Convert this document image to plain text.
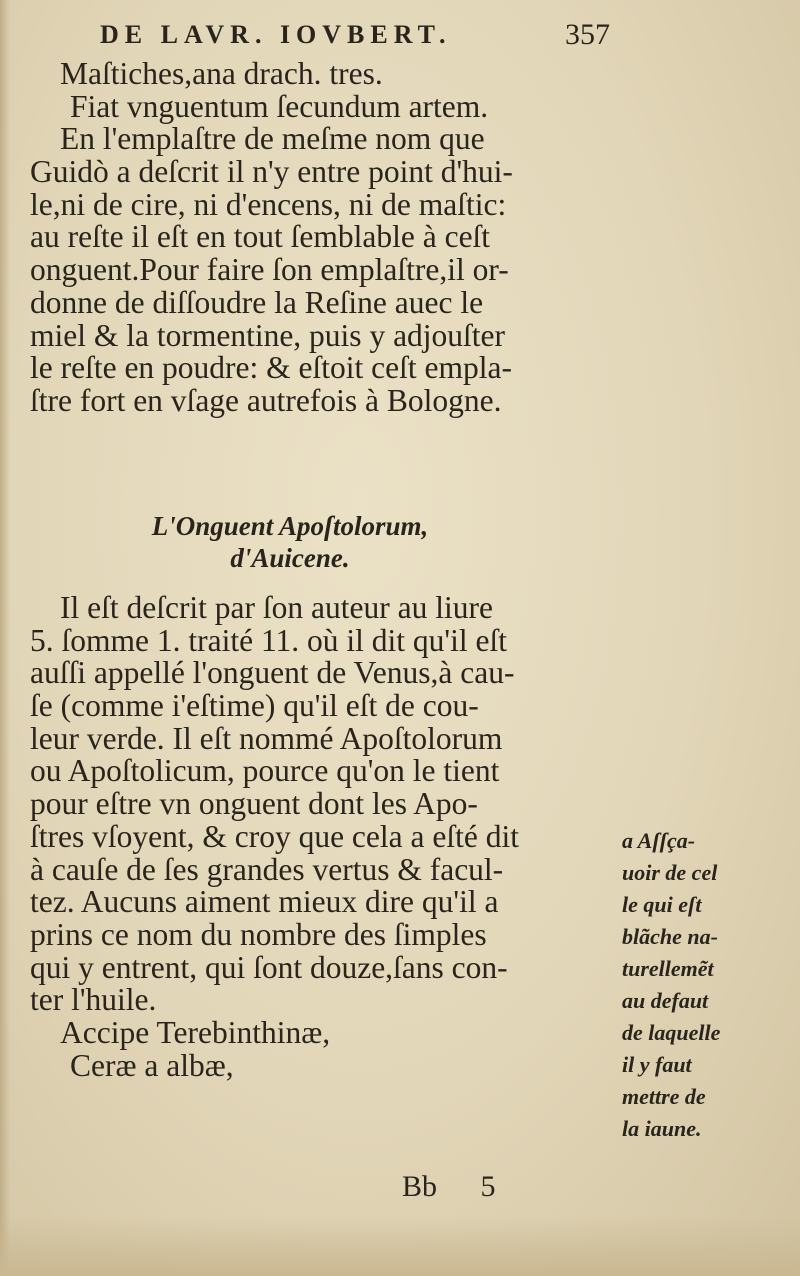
DE LAVR. IOVBERT.	357
Maſtiches,ana drach. tres.
Fiat vnguentum ſecundum artem.
En l'emplaſtre de meſme nom que
Guidò a deſcrit il n'y entre point d'hui-
le,ni de cire, ni d'encens, ni de maſtic:
au reſte il eſt en tout ſemblable à ceſt
onguent.Pour faire ſon emplaſtre,il or-
donne de diſſoudre la Reſine auec le
miel & la tormentine, puis y adjouſter
le reſte en poudre: & eſtoit ceſt empla-
ſtre fort en vſage autrefois à Bologne.
L'Onguent Apoſtolorum,
d'Auicene.
Il eſt deſcrit par ſon auteur au liure
5. ſomme 1. traité 11. où il dit qu'il eſt
auſſi appellé l'onguent de Venus,à cau-
ſe (comme i'eſtime) qu'il eſt de cou-
leur verde. Il eſt nommé Apoſtolorum
ou Apoſtolicum, pource qu'on le tient
pour eſtre vn onguent dont les Apo-
ſtres vſoyent, & croy que cela a eſté dit
à cauſe de ſes grandes vertus & facul-
tez. Aucuns aiment mieux dire qu'il a
prins ce nom du nombre des ſimples
qui y entrent, qui ſont douze,ſans con-
ter l'huile.
Accipe Terebinthinæ,
Ceræ a albæ,
a Aſſça-
uoir de cel
le qui eſt
blãche na-
turellemẽt
au defaut
de laquelle
il y faut
mettre de
la iaune.
Bb 5
